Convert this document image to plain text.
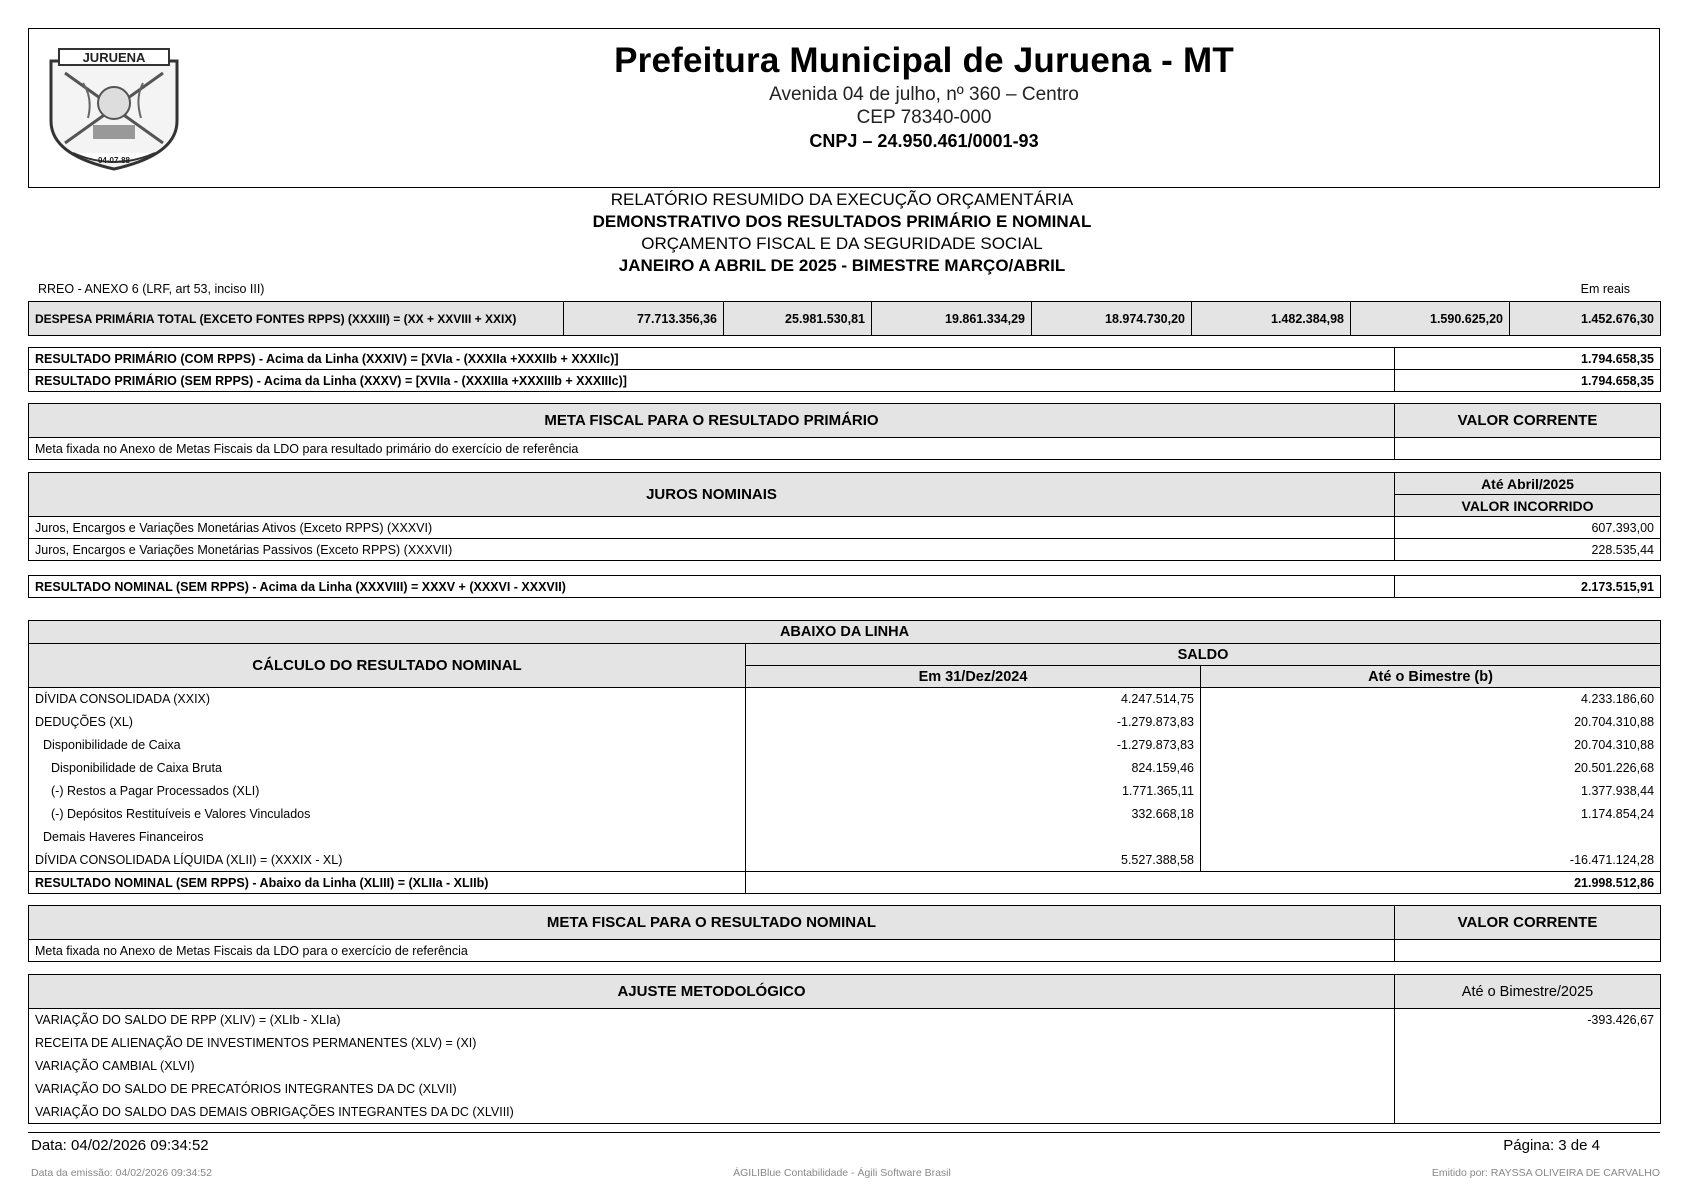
JURUENA
04-07-88
Prefeitura Municipal de Juruena - MT
Avenida 04 de julho, nº 360 – Centro
CEP 78340-000
CNPJ – 24.950.461/0001-93
RELATÓRIO RESUMIDO DA EXECUÇÃO ORÇAMENTÁRIA
DEMONSTRATIVO DOS RESULTADOS PRIMÁRIO E NOMINAL
ORÇAMENTO FISCAL E DA SEGURIDADE SOCIAL
JANEIRO A ABRIL DE 2025 - BIMESTRE MARÇO/ABRIL
RREO - ANEXO 6 (LRF, art 53, inciso III)	Em reais
DESPESA PRIMÁRIA TOTAL (EXCETO FONTES RPPS) (XXXIII) = (XX + XXVIII + XXIX)	77.713.356,36	25.981.530,81	19.861.334,29	18.974.730,20	1.482.384,98	1.590.625,20	1.452.676,30
RESULTADO PRIMÁRIO (COM RPPS) - Acima da Linha (XXXIV) = [XVIa - (XXXIIa +XXXIIb + XXXIIc)]	1.794.658,35
RESULTADO PRIMÁRIO (SEM RPPS) - Acima da Linha (XXXV) = [XVIIa - (XXXIIIa +XXXIIIb + XXXIIIc)]	1.794.658,35
META FISCAL PARA O RESULTADO PRIMÁRIO	VALOR CORRENTE
Meta fixada no Anexo de Metas Fiscais da LDO para resultado primário do exercício de referência	
JUROS NOMINAIS	Até Abril/2025
	VALOR INCORRIDO
Juros, Encargos e Variações Monetárias Ativos (Exceto RPPS) (XXXVI)	607.393,00
Juros, Encargos e Variações Monetárias Passivos (Exceto RPPS) (XXXVII)	228.535,44
RESULTADO NOMINAL (SEM RPPS) - Acima da Linha (XXXVIII) = XXXV + (XXXVI - XXXVII)	2.173.515,91
ABAIXO DA LINHA		
CÁLCULO DO RESULTADO NOMINAL	SALDO	
	Em 31/Dez/2024	Até o Bimestre (b)
DÍVIDA CONSOLIDADA (XXIX)	4.247.514,75	4.233.186,60
DEDUÇÕES (XL)	-1.279.873,83	20.704.310,88
Disponibilidade de Caixa	-1.279.873,83	20.704.310,88
Disponibilidade de Caixa Bruta	824.159,46	20.501.226,68
(-) Restos a Pagar Processados (XLI)	1.771.365,11	1.377.938,44
(-) Depósitos Restituíveis e Valores Vinculados	332.668,18	1.174.854,24
Demais Haveres Financeiros		
DÍVIDA CONSOLIDADA LÍQUIDA (XLII) = (XXXIX - XL)	5.527.388,58	-16.471.124,28
RESULTADO NOMINAL (SEM RPPS) - Abaixo da Linha (XLIII) = (XLIIa - XLIIb)	21.998.512,86	
META FISCAL PARA O RESULTADO NOMINAL	VALOR CORRENTE
Meta fixada no Anexo de Metas Fiscais da LDO para o exercício de referência	
AJUSTE METODOLÓGICO	Até o Bimestre/2025
VARIAÇÃO DO SALDO DE RPP (XLIV) = (XLIb - XLIa)	-393.426,67
RECEITA DE ALIENAÇÃO DE INVESTIMENTOS PERMANENTES (XLV) = (XI)	
VARIAÇÃO CAMBIAL (XLVI)	
VARIAÇÃO DO SALDO DE PRECATÓRIOS INTEGRANTES DA DC (XLVII)	
VARIAÇÃO DO SALDO DAS DEMAIS OBRIGAÇÕES INTEGRANTES DA DC (XLVIII)	
Data: 04/02/2026 09:34:52	Página: 3 de 4
Data da emissão: 04/02/2026 09:34:52	ÁGILIBlue Contabilidade - Ágili Software Brasil	Emitido por: RAYSSA OLIVEIRA DE CARVALHO
